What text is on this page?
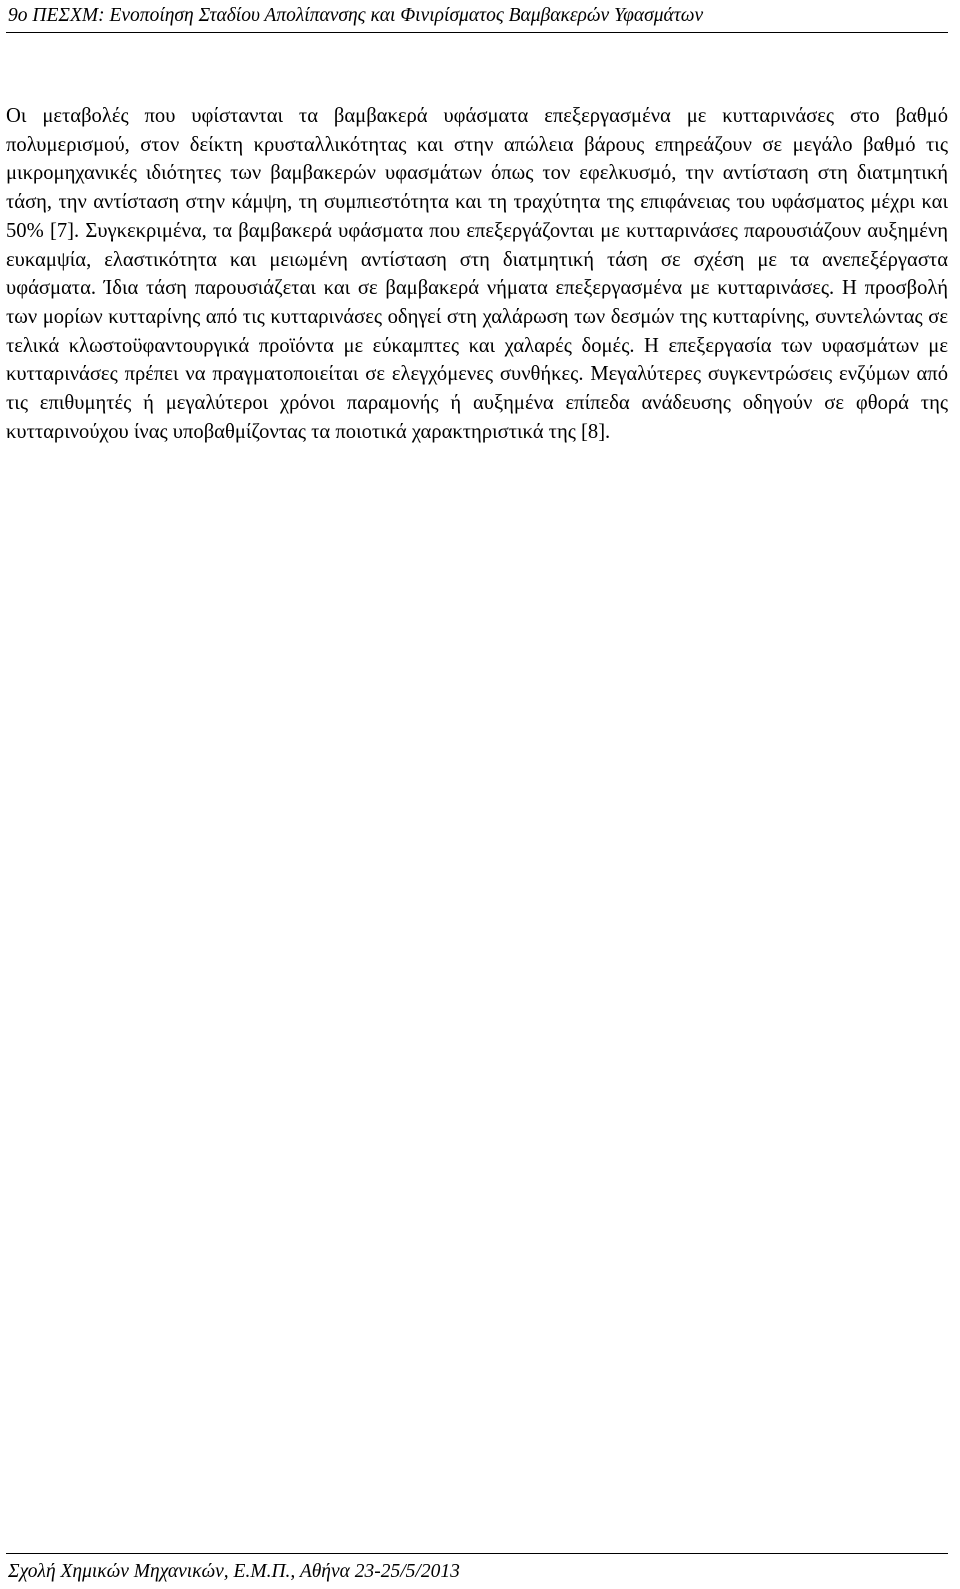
9ο ΠΕΣΧΜ: Ενοποίηση Σταδίου Απολίπανσης και Φινιρίσματος Βαμβακερών Υφασμάτων

Οι μεταβολές που υφίστανται τα βαμβακερά υφάσματα επεξεργασμένα με κυτταρινάσες στο βαθμό πολυμερισμού, στον δείκτη κρυσταλλικότητας και στην απώλεια βάρους επηρεάζουν σε μεγάλο βαθμό τις μικρομηχανικές ιδιότητες των βαμβακερών υφασμάτων όπως τον εφελκυσμό, την αντίσταση στη διατμητική τάση, την αντίσταση στην κάμψη, τη συμπιεστότητα και τη τραχύτητα της επιφάνειας του υφάσματος μέχρι και 50% [7]. Συγκεκριμένα, τα βαμβακερά υφάσματα που επεξεργάζονται με κυτταρινάσες παρουσιάζουν αυξημένη ευκαμψία, ελαστικότητα και μειωμένη αντίσταση στη διατμητική τάση σε σχέση με τα ανεπεξέργαστα υφάσματα. Ίδια τάση παρουσιάζεται και σε βαμβακερά νήματα επεξεργασμένα με κυτταρινάσες. Η προσβολή των μορίων κυτταρίνης από τις κυτταρινάσες οδηγεί στη χαλάρωση των δεσμών της κυτταρίνης, συντελώντας σε τελικά κλωστοϋφαντουργικά προϊόντα με εύκαμπτες και χαλαρές δομές. Η επεξεργασία των υφασμάτων με κυτταρινάσες πρέπει να πραγματοποιείται σε ελεγχόμενες συνθήκες. Μεγαλύτερες συγκεντρώσεις ενζύμων από τις επιθυμητές ή μεγαλύτεροι χρόνοι παραμονής ή αυξημένα επίπεδα ανάδευσης οδηγούν σε φθορά της κυτταρινούχου ίνας υποβαθμίζοντας τα ποιοτικά χαρακτηριστικά της [8].

Σχολή Χημικών Μηχανικών, Ε.Μ.Π., Αθήνα 23-25/5/2013
